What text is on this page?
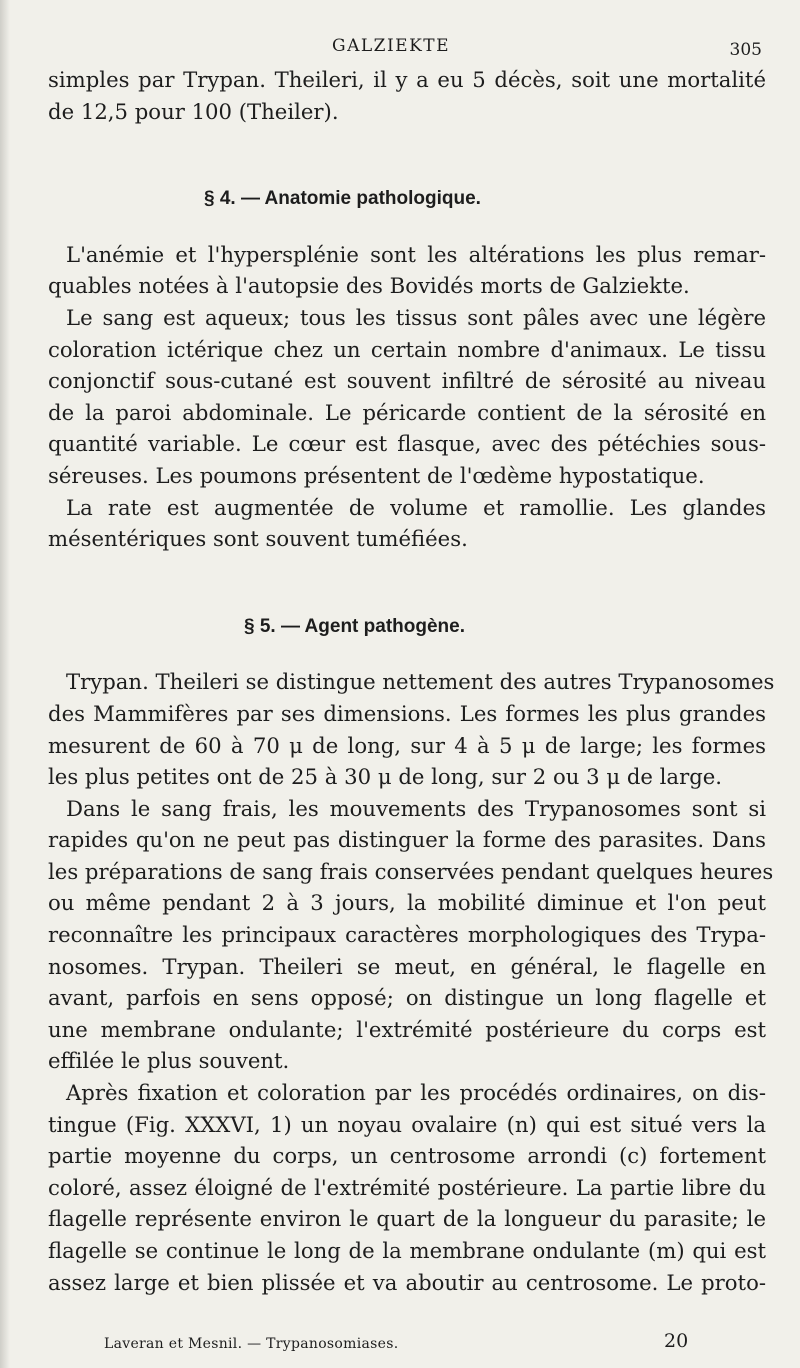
GALZIEKTE	305
simples par Trypan. Theileri, il y a eu 5 décès, soit une mortalité
de 12,5 pour 100 (Theiler).
§ 4. — Anatomie pathologique.
L'anémie et l'hypersplénie sont les altérations les plus remar-
quables notées à l'autopsie des Bovidés morts de Galziekte.
Le sang est aqueux; tous les tissus sont pâles avec une légère
coloration ictérique chez un certain nombre d'animaux. Le tissu
conjonctif sous-cutané est souvent infiltré de sérosité au niveau
de la paroi abdominale. Le péricarde contient de la sérosité en
quantité variable. Le cœur est flasque, avec des pétéchies sous-
séreuses. Les poumons présentent de l'œdème hypostatique.
La rate est augmentée de volume et ramollie. Les glandes
mésentériques sont souvent tuméfiées.
§ 5. — Agent pathogène.
Trypan. Theileri se distingue nettement des autres Trypanosomes
des Mammifères par ses dimensions. Les formes les plus grandes
mesurent de 60 à 70 μ de long, sur 4 à 5 μ de large; les formes
les plus petites ont de 25 à 30 μ de long, sur 2 ou 3 μ de large.
Dans le sang frais, les mouvements des Trypanosomes sont si
rapides qu'on ne peut pas distinguer la forme des parasites. Dans
les préparations de sang frais conservées pendant quelques heures
ou même pendant 2 à 3 jours, la mobilité diminue et l'on peut
reconnaître les principaux caractères morphologiques des Trypa-
nosomes. Trypan. Theileri se meut, en général, le flagelle en
avant, parfois en sens opposé; on distingue un long flagelle et
une membrane ondulante; l'extrémité postérieure du corps est
effilée le plus souvent.
Après fixation et coloration par les procédés ordinaires, on dis-
tingue (Fig. XXXVI, 1) un noyau ovalaire (n) qui est situé vers la
partie moyenne du corps, un centrosome arrondi (c) fortement
coloré, assez éloigné de l'extrémité postérieure. La partie libre du
flagelle représente environ le quart de la longueur du parasite; le
flagelle se continue le long de la membrane ondulante (m) qui est
assez large et bien plissée et va aboutir au centrosome. Le proto-
Laveran et Mesnil. — Trypanosomiases.	20
